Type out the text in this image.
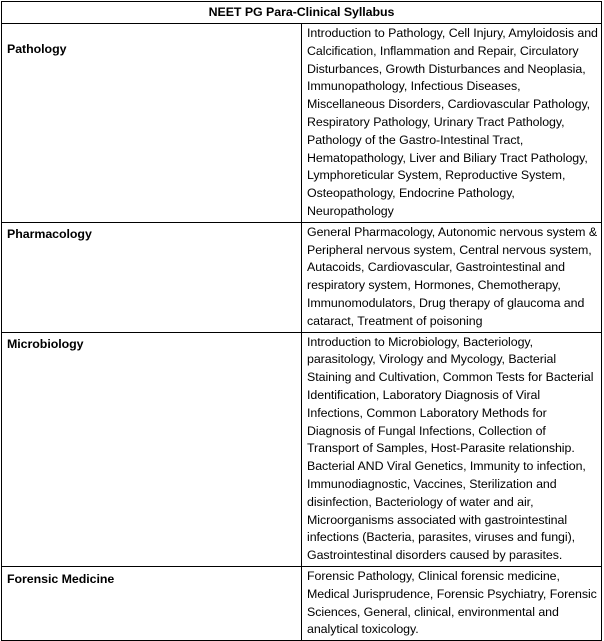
NEET PG Para-Clinical Syllabus	
Pathology	Introduction to Pathology, Cell Injury, Amyloidosis and Calcification, Inflammation and Repair, Circulatory Disturbances, Growth Disturbances and Neoplasia, Immunopathology, Infectious Diseases, Miscellaneous Disorders, Cardiovascular Pathology, Respiratory Pathology, Urinary Tract Pathology, Pathology of the Gastro-Intestinal Tract, Hematopathology, Liver and Biliary Tract Pathology, Lymphoreticular System, Reproductive System, Osteopathology, Endocrine Pathology, Neuropathology
Pharmacology	General Pharmacology, Autonomic nervous system & Peripheral nervous system, Central nervous system, Autacoids, Cardiovascular, Gastrointestinal and respiratory system, Hormones, Chemotherapy, Immunomodulators, Drug therapy of glaucoma and cataract, Treatment of poisoning
Microbiology	Introduction to Microbiology, Bacteriology, parasitology, Virology and Mycology, Bacterial Staining and Cultivation, Common Tests for Bacterial Identification, Laboratory Diagnosis of Viral Infections, Common Laboratory Methods for Diagnosis of Fungal Infections, Collection of Transport of Samples, Host-Parasite relationship. Bacterial AND Viral Genetics, Immunity to infection, Immunodiagnostic, Vaccines, Sterilization and disinfection, Bacteriology of water and air, Microorganisms associated with gastrointestinal infections (Bacteria, parasites, viruses and fungi), Gastrointestinal disorders caused by parasites.
Forensic Medicine	Forensic Pathology, Clinical forensic medicine, Medical Jurisprudence, Forensic Psychiatry, Forensic Sciences, General, clinical, environmental and analytical toxicology.
